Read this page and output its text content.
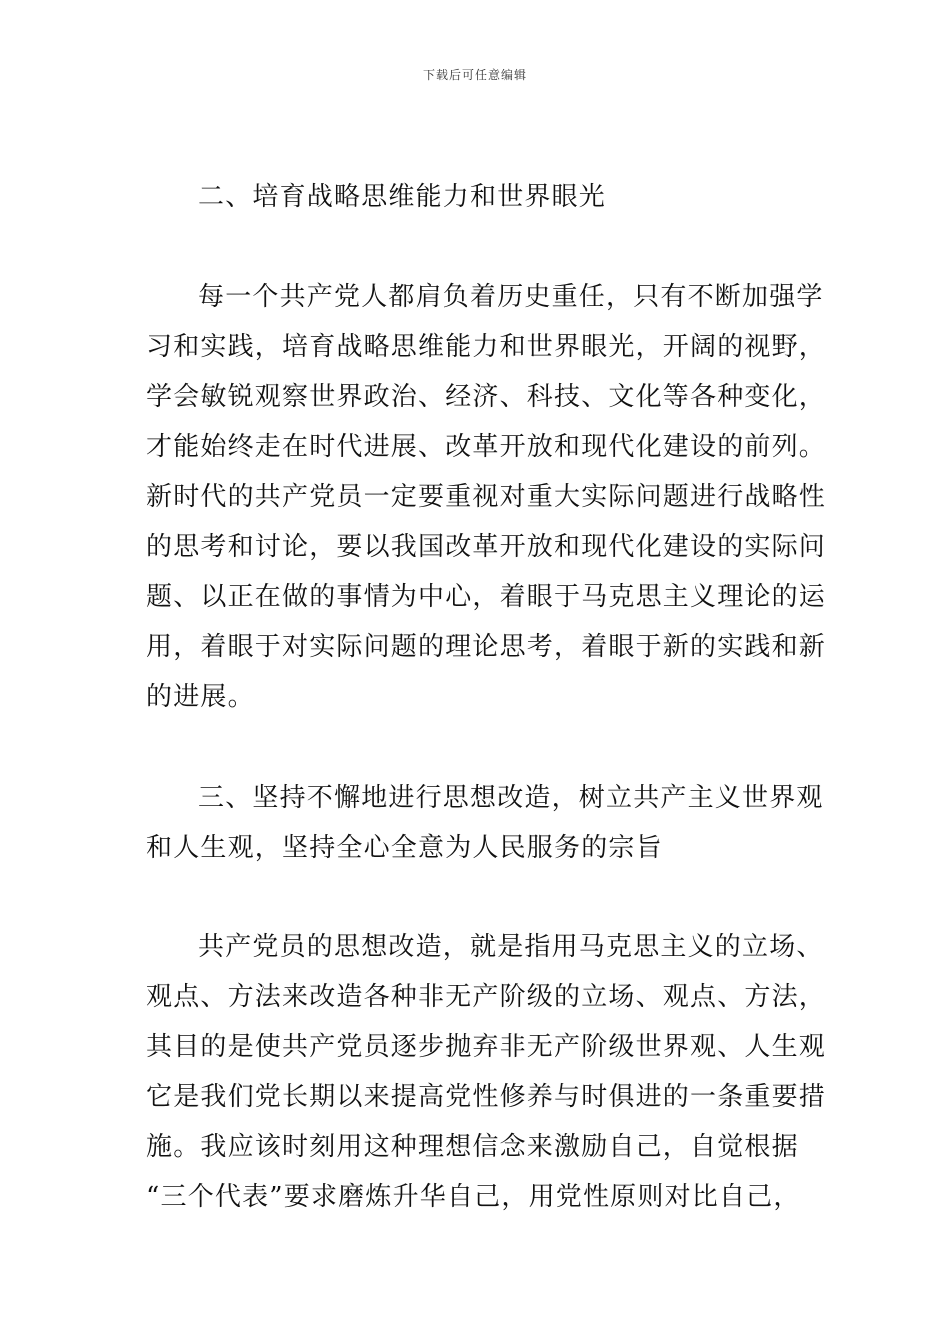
下载后可任意编辑
二、培育战略思维能力和世界眼光
每一个共产党人都肩负着历史重任，只有不断加强学
习和实践，培育战略思维能力和世界眼光，开阔的视野，
学会敏锐观察世界政治、经济、科技、文化等各种变化，
才能始终走在时代进展、改革开放和现代化建设的前列。
新时代的共产党员一定要重视对重大实际问题进行战略性
的思考和讨论，要以我国改革开放和现代化建设的实际问
题、以正在做的事情为中心，着眼于马克思主义理论的运
用，着眼于对实际问题的理论思考，着眼于新的实践和新
的进展。
三、坚持不懈地进行思想改造，树立共产主义世界观
和人生观，坚持全心全意为人民服务的宗旨
共产党员的思想改造，就是指用马克思主义的立场、
观点、方法来改造各种非无产阶级的立场、观点、方法，
其目的是使共产党员逐步抛弃非无产阶级世界观、人生观
它是我们党长期以来提高党性修养与时俱进的一条重要措
施。我应该时刻用这种理想信念来激励自己，自觉根据
“三个代表”要求磨炼升华自己，用党性原则对比自己，
